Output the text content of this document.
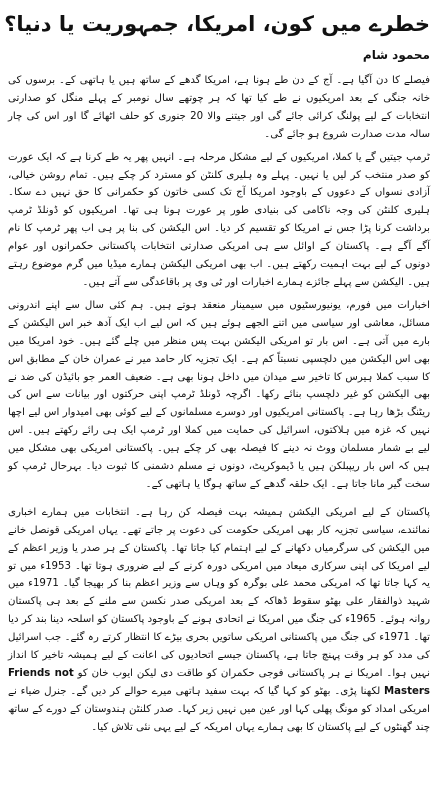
خطرے میں کون، امریکا، جمہوریت یا دنیا؟
محمود شام

فیصلے کا دن آگیا ہے۔ آج کے دن طے ہونا ہے، امریکا گدھے کے ساتھ ہیں یا ہاتھی کے۔ برسوں کی خانہ جنگی کے بعد امریکیوں نے طے کیا تھا کہ ہر چوتھے سال نومبر کے پہلے منگل کو صدارتی انتخابات کے لیے پولنگ کرائی جائے گی اور جیتنے والا 20 جنوری کو حلف اٹھائے گا اور اس کی چار سالہ مدت صدارت شروع ہو جائے گی۔

ٹرمپ جیتیں گے یا کملا، امریکیوں کے لیے مشکل مرحلہ ہے۔ انہیں پھر یہ طے کرنا ہے کہ ایک عورت کو صدر منتخب کر لیں یا نہیں۔ پہلے وہ ہلیری کلنٹن کو مسترد کر چکے ہیں۔ تمام روشن خیالی، آزادی نسواں کے دعووں کے باوجود امریکا آج تک کسی خاتون کو حکمرانی کا حق نہیں دے سکا۔ ہلیری کلنٹن کی وجہ ناکامی کی بنیادی طور پر عورت ہونا ہی تھا۔ امریکیوں کو ڈونلڈ ٹرمپ برداشت کرنا پڑا جس نے امریکا کو تقسیم کر دیا۔ اس الیکشن کی بنا پر ہی اب پھر ٹرمپ کا نام آگے آگے ہے۔ پاکستان کے اوائل سے ہی امریکی صدارتی انتخابات پاکستانی حکمرانوں اور عوام دونوں کے لیے بہت اہمیت رکھتے ہیں۔ اب بھی امریکی الیکشن ہمارے میڈیا میں گرم موضوع رہتے ہیں۔ الیکشن سے پہلے جائزے ہمارے اخبارات اور ٹی وی پر باقاعدگی سے آتے ہیں۔

اخبارات میں فورم، یونیورسٹیوں میں سیمینار منعقد ہوتے ہیں۔ ہم کئی سال سے اپنے اندرونی مسائل، معاشی اور سیاسی میں اتنے الجھے ہوئے ہیں کہ اس لیے اب ایک آدھ خبر اس الیکشن کے بارے میں آتی ہے۔ اس بار تو امریکی الیکشن بہت پس منظر میں چلے گئے ہیں۔ خود امریکا میں بھی اس الیکشن میں دلچسپی نسبتاً کم ہے۔ ایک تجزیہ کار حامد میر نے عمران خان کے مطابق اس کا سبب کملا ہیرس کا تاخیر سے میدان میں داخل ہونا بھی ہے۔ ضعیف العمر جو بائیڈن کی ضد نے بھی الیکشن کو غیر دلچسپ بنائے رکھا۔ اگرچہ ڈونلڈ ٹرمپ اپنی حرکتوں اور بیانات سے اس کی ریٹنگ بڑھا رہا ہے۔ پاکستانی امریکیوں اور دوسرے مسلمانوں کے لیے کوئی بھی امیدوار اس لیے اچھا نہیں کہ غزہ میں ہلاکتوں، اسرائیل کی حمایت میں کملا اور ٹرمپ ایک ہی رائے رکھتے ہیں۔ اس لیے بے شمار مسلمان ووٹ نہ دینے کا فیصلہ بھی کر چکے ہیں۔ پاکستانی امریکی بھی مشکل میں ہیں کہ اس بار ریپبلکن ہیں یا ڈیموکریٹ، دونوں نے مسلم دشمنی کا ثبوت دیا۔ بہرحال ٹرمپ کو سخت گیر مانا جاتا ہے۔ ایک حلقہ گدھے کے ساتھ ہوگا یا ہاتھی کے۔

پاکستان کے لیے امریکی الیکشن ہمیشہ بہت فیصلہ کن رہا ہے۔ انتخابات میں ہمارے اخباری نمائندے، سیاسی تجزیہ کار بھی امریکی حکومت کی دعوت پر جاتے تھے۔ یہاں امریکی قونصل خانے میں الیکشن کی سرگرمیاں دکھانے کے لیے اہتمام کیا جاتا تھا۔ پاکستان کے ہر صدر یا وزیر اعظم کے لیے امریکا کی اپنی سرکاری میعاد میں امریکی دورہ کرنے کے لیے ضروری ہوتا تھا۔ 1953ء میں تو یہ کہا جاتا تھا کہ امریکی محمد علی بوگرہ کو وہاں سے وزیر اعظم بنا کر بھیجا گیا۔ 1971ء میں شہید ذوالفقار علی بھٹو سقوط ڈھاکہ کے بعد امریکی صدر نکسن سے ملنے کے بعد ہی پاکستان روانہ ہوئے۔ 1965ء کی جنگ میں امریکا نے اتحادی ہونے کے باوجود پاکستان کو اسلحہ دینا بند کر دیا تھا۔ 1971ء کی جنگ میں پاکستانی امریکی ساتویں بحری بیڑے کا انتظار کرتے رہ گئے۔ جب اسرائیل کی مدد کو ہر وقت پہنچ جاتا ہے، پاکستان جیسے اتحادیوں کی اعانت کے لیے ہمیشہ تاخیر کا انداز نہیں ہوا۔ امریکا نے ہر پاکستانی فوجی حکمران کو طاقت دی لیکن ایوب خان کو Friends not Masters لکھنا پڑی۔ بھٹو کو کہا گیا کہ بہت سفید ہاتھی میرے حوالے کر دیں گے۔ جنرل ضیاء نے امریکی امداد کو مونگ پھلی کہا اور عین میں نہیں زیر کہا۔ صدر کلنٹن ہندوستان کے دورے کے ساتھ چند گھنٹوں کے لیے پاکستان کا بھی ہمارے یہاں امریکہ کے لیے یہی نئی تلاش کیا۔
